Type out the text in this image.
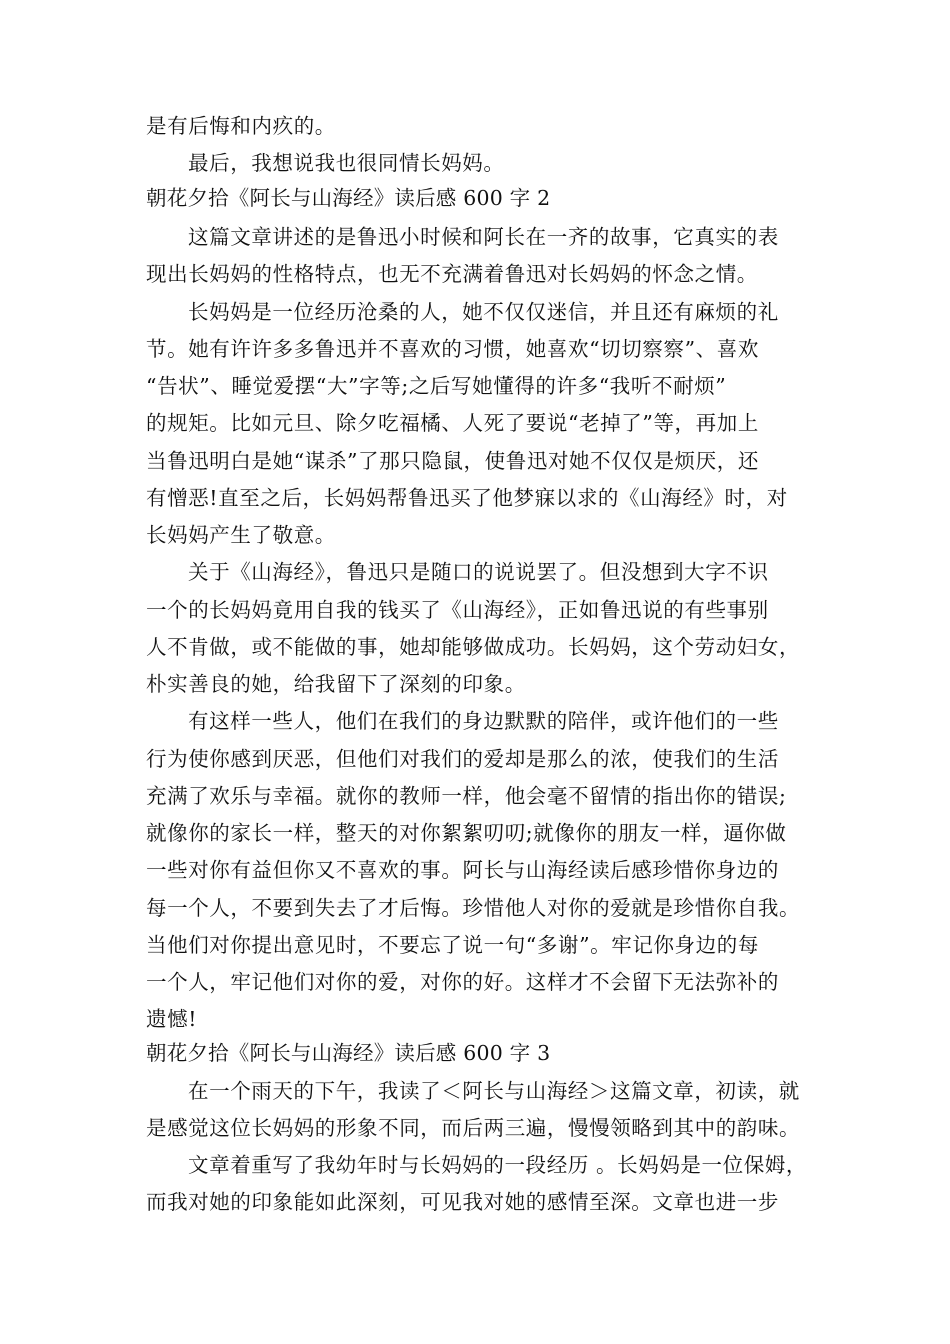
是有后悔和内疚的。
最后，我想说我也很同情长妈妈。
朝花夕拾《阿长与山海经》读后感 600 字 2
这篇文章讲述的是鲁迅小时候和阿长在一齐的故事，它真实的表
现出长妈妈的性格特点，也无不充满着鲁迅对长妈妈的怀念之情。
长妈妈是一位经历沧桑的人，她不仅仅迷信，并且还有麻烦的礼
节。她有许许多多鲁迅并不喜欢的习惯，她喜欢“切切察察”、喜欢
“告状”、睡觉爱摆“大”字等;之后写她懂得的许多“我听不耐烦”
的规矩。比如元旦、除夕吃福橘、人死了要说“老掉了”等，再加上
当鲁迅明白是她“谋杀”了那只隐鼠，使鲁迅对她不仅仅是烦厌，还
有憎恶!直至之后，长妈妈帮鲁迅买了他梦寐以求的《山海经》时，对
长妈妈产生了敬意。
关于《山海经》，鲁迅只是随口的说说罢了。但没想到大字不识
一个的长妈妈竟用自我的钱买了《山海经》，正如鲁迅说的有些事别
人不肯做，或不能做的事，她却能够做成功。长妈妈，这个劳动妇女，
朴实善良的她，给我留下了深刻的印象。
有这样一些人，他们在我们的身边默默的陪伴，或许他们的一些
行为使你感到厌恶，但他们对我们的爱却是那么的浓，使我们的生活
充满了欢乐与幸福。就你的教师一样，他会毫不留情的指出你的错误;
就像你的家长一样，整天的对你絮絮叨叨;就像你的朋友一样，逼你做
一些对你有益但你又不喜欢的事。阿长与山海经读后感珍惜你身边的
每一个人，不要到失去了才后悔。珍惜他人对你的爱就是珍惜你自我。
当他们对你提出意见时，不要忘了说一句“多谢”。牢记你身边的每
一个人，牢记他们对你的爱，对你的好。这样才不会留下无法弥补的
遗憾!
朝花夕拾《阿长与山海经》读后感 600 字 3
在一个雨天的下午，我读了＜阿长与山海经＞这篇文章，初读，就
是感觉这位长妈妈的形象不同，而后两三遍，慢慢领略到其中的韵味。
文章着重写了我幼年时与长妈妈的一段经历 。长妈妈是一位保姆，
而我对她的印象能如此深刻，可见我对她的感情至深。文章也进一步
